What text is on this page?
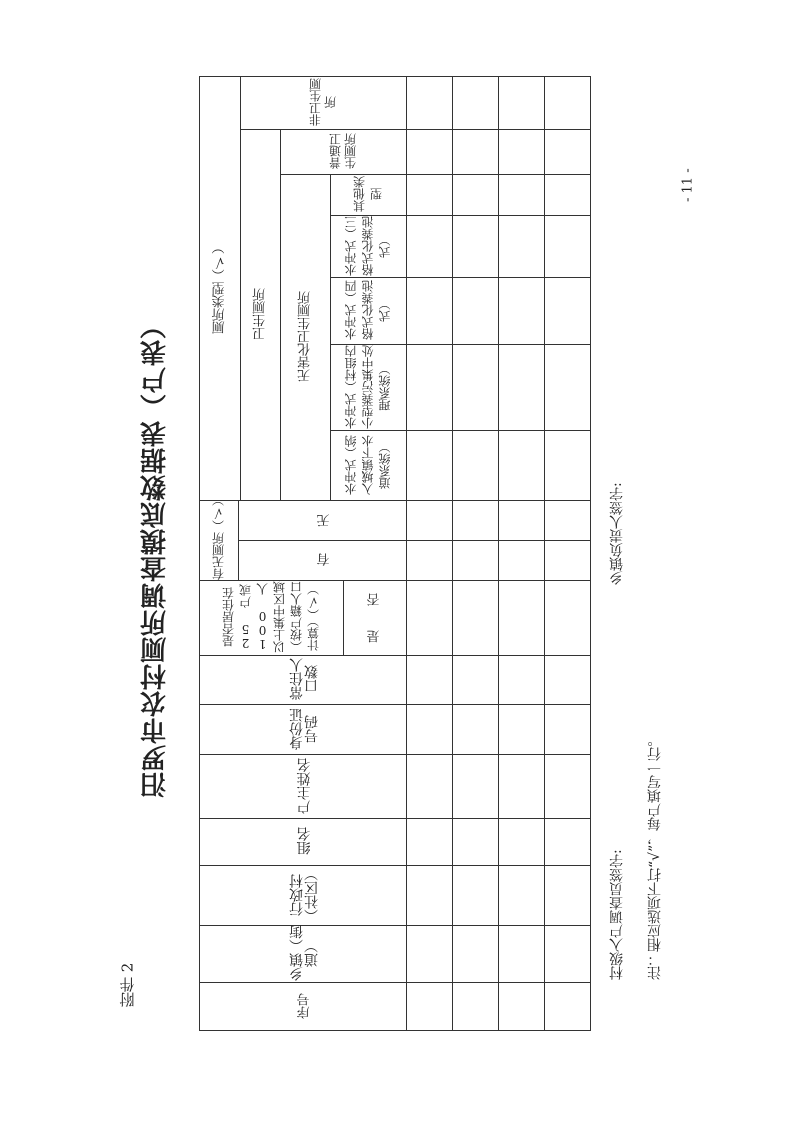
附件 2
汨罗市农村厕所调查摸底数据表（户表）
- 11 -
村级入户调查员签字:
乡镇负责人签字:
注：相应选项下打“√”，每户填写一行。
序号
乡镇（街道）
行政村（社区）
组名
户主姓名
身份证号码
常住人口数
是否居住在 25 户或 100 人以上集中区域（按户籍人口计算）（√）	是
否
有无厕所（√）	有
无
厕所类型（√） 卫生厕所 无害化卫生厕所
水冲式（纳入城镇下水道系统）
水冲式（村组内小型粪污集中处理系统）
水冲式（四格式化粪池式）
水冲式（三格式化粪池式）
其他类型
普通卫生厕所
非卫生厕所
